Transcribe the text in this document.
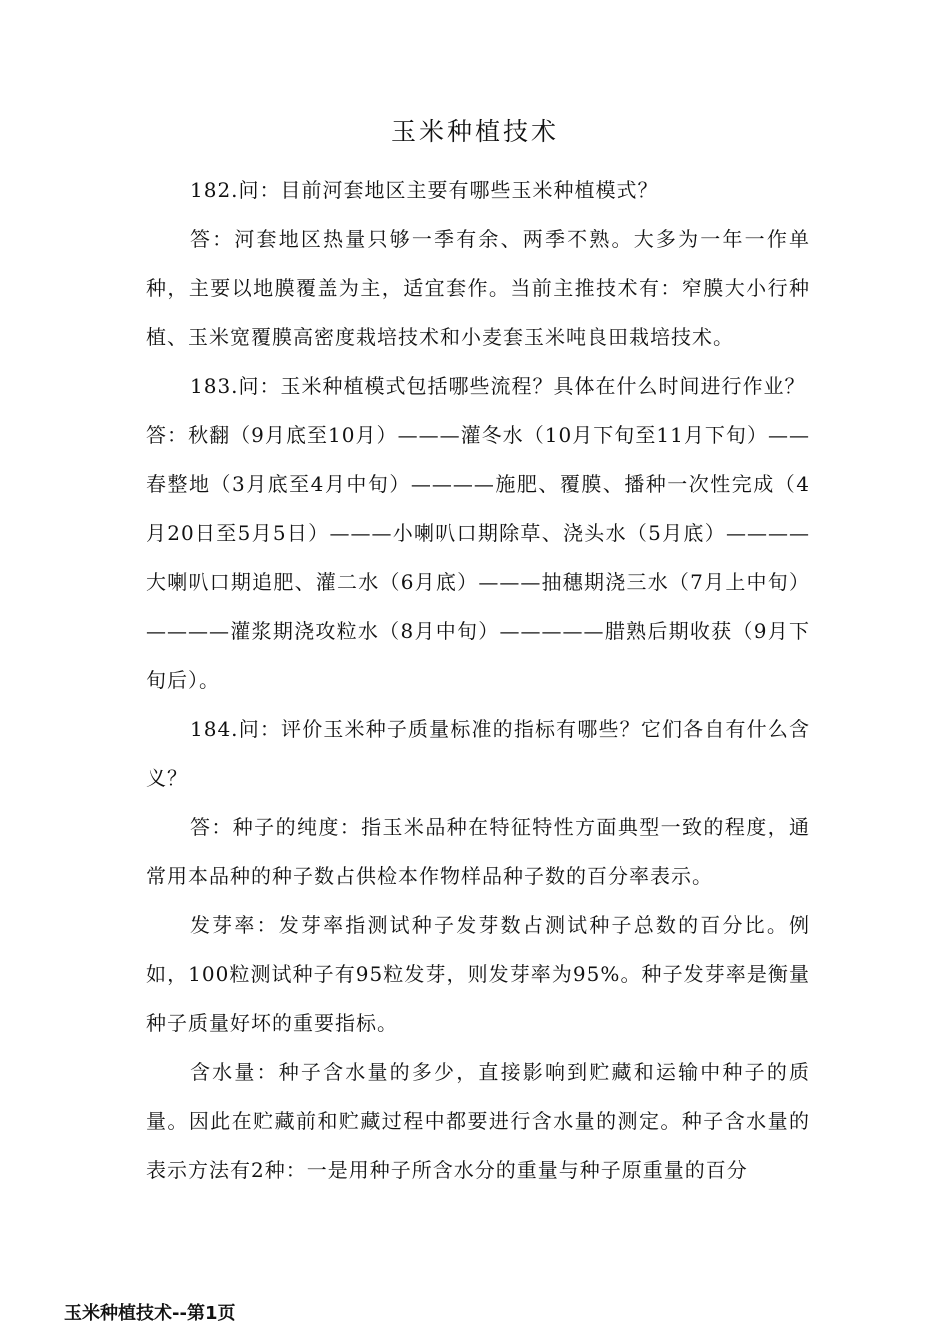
玉米种植技术

182.问：目前河套地区主要有哪些玉米种植模式？

答：河套地区热量只够一季有余、两季不熟。大多为一年一作单种，主要以地膜覆盖为主，适宜套作。当前主推技术有：窄膜大小行种植、玉米宽覆膜高密度栽培技术和小麦套玉米吨良田栽培技术。

183.问：玉米种植模式包括哪些流程？具体在什么时间进行作业？

答：秋翻（9月底至10月）———灌冬水（10月下旬至11月下旬）——春整地（3月底至4月中旬）————施肥、覆膜、播种一次性完成（4月20日至5月5日）———小喇叭口期除草、浇头水（5月底）————大喇叭口期追肥、灌二水（6月底）———抽穗期浇三水（7月上中旬）————灌浆期浇攻粒水（8月中旬）—————腊熟后期收获（9月下旬后）。

184.问：评价玉米种子质量标准的指标有哪些？它们各自有什么含义？

答：种子的纯度：指玉米品种在特征特性方面典型一致的程度，通常用本品种的种子数占供检本作物样品种子数的百分率表示。

发芽率：发芽率指测试种子发芽数占测试种子总数的百分比。例如，100粒测试种子有95粒发芽，则发芽率为95%。种子发芽率是衡量种子质量好坏的重要指标。

含水量：种子含水量的多少，直接影响到贮藏和运输中种子的质量。因此在贮藏前和贮藏过程中都要进行含水量的测定。种子含水量的表示方法有2种：一是用种子所含水分的重量与种子原重量的百分

玉米种植技术--第1页
